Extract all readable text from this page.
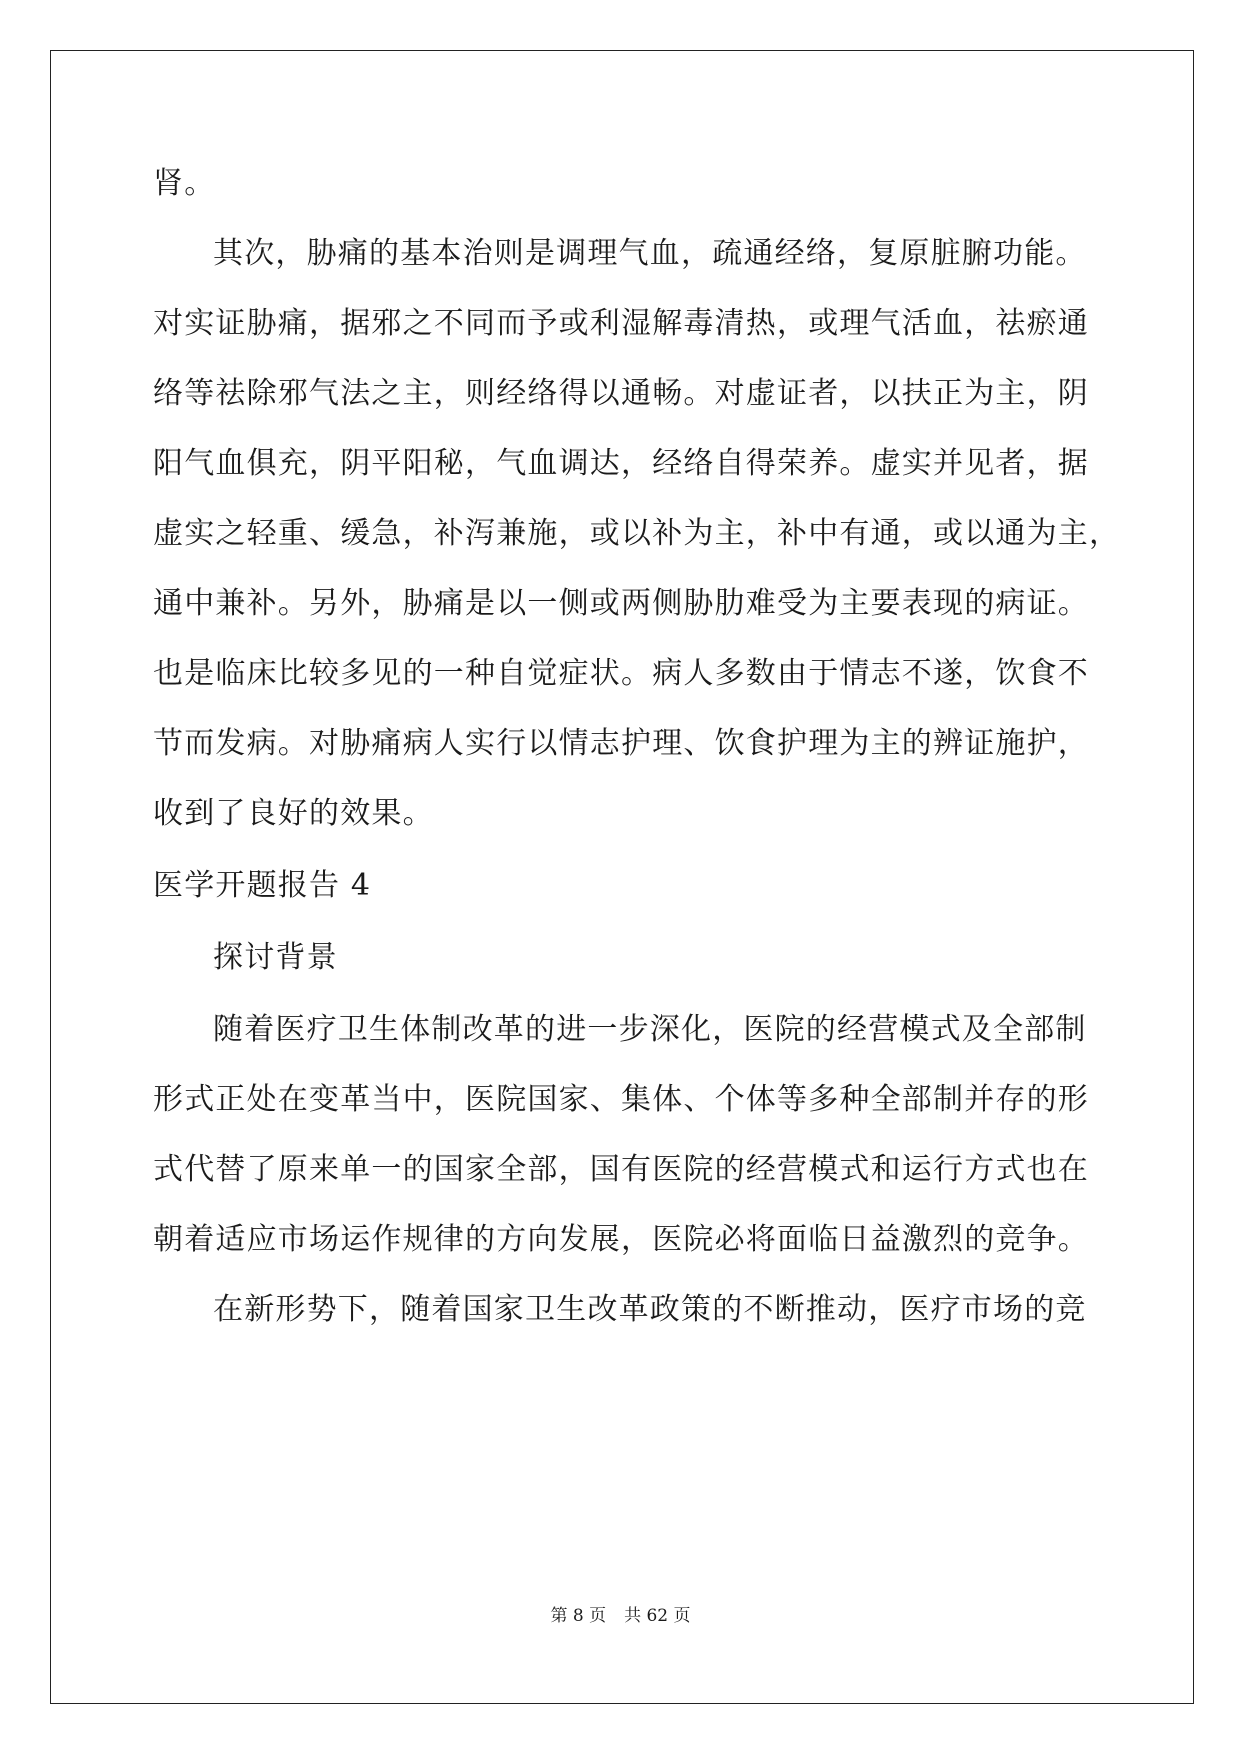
肾。
其次，胁痛的基本治则是调理气血，疏通经络，复原脏腑功能。
对实证胁痛，据邪之不同而予或利湿解毒清热，或理气活血，祛瘀通
络等祛除邪气法之主，则经络得以通畅。对虚证者，以扶正为主，阴
阳气血俱充，阴平阳秘，气血调达，经络自得荣养。虚实并见者，据
虚实之轻重、缓急，补泻兼施，或以补为主，补中有通，或以通为主，
通中兼补。另外，胁痛是以一侧或两侧胁肋难受为主要表现的病证。
也是临床比较多见的一种自觉症状。病人多数由于情志不遂，饮食不
节而发病。对胁痛病人实行以情志护理、饮食护理为主的辨证施护，
收到了良好的效果。
医学开题报告 4
探讨背景
随着医疗卫生体制改革的进一步深化，医院的经营模式及全部制
形式正处在变革当中，医院国家、集体、个体等多种全部制并存的形
式代替了原来单一的国家全部，国有医院的经营模式和运行方式也在
朝着适应市场运作规律的方向发展，医院必将面临日益激烈的竞争。
在新形势下，随着国家卫生改革政策的不断推动，医疗市场的竞
第 8 页 共 62 页
